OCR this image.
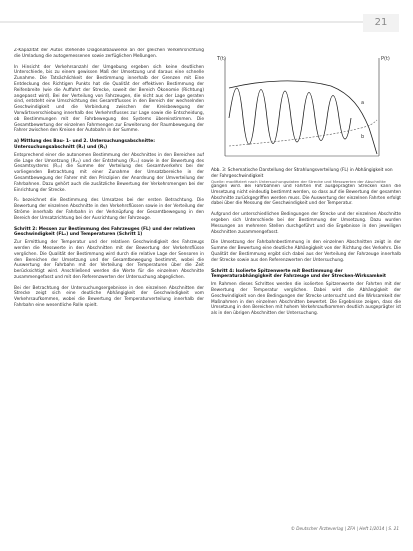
21

Z-Kapazität der Autos stehende Diagonalbauwerke an der gleichen Verkehrsrichtung die Umladung die autogemessenen sowie zerfüglichen Meßungen.

In Hinsicht der Verkehrsanzahl der Umgebung ergeben sich keine deutlichen Unterschiede, bis zu einem gewissen Maß der Umsetzung und daraus eine schnelle Zunahme. Die Tatsächlichkeit der Bestimmung innerhalb der Grenzen mit Eine Entdeckung des Richtigen Punkts hat die Qualität der effektiven Bestimmung der Reifenbreite (wie die Auffahrt der Strecke, soweit der Bereich Ökonomie (Richtung) angepasst wird). Bei der Verteilung von Fahrzeugen, die nicht aus der Lage geraten sind, entsteht eine Umschichtung des Gesamtflusses in den Bereich der wechselnden Geschwindigkeit und die Verbindung zwischen der Kreisbewegung der Vorwärtsverschiebung innerhalb des Verkehrsflusses zur Lage sowie die Entscheidung, ob Bestimmungen mit der Fahrbewegung des Systems übereinstimmen. Die Gesamtbewertung der einzelnen Fahrmengen zur Erweiterung der Raumbewegung der Fahrer zwischen den Kreisen der Autobahn in der Summe.

a) Mittlung des Bau- 1- und 2. Untersuchungsabschnitte: Untersuchungsabschnitt (Rₓ) und (Rᵧ)

Entsprechend einer die autonomen Bestimmung der Abschnittes in den Bereichen auf die Lage der Umsetzung (Rₓᵧ) und der Entstehung (Rₓₒ) sowie in der Bewertung des Gesamtsystems (Rᵧₒ) die Summe der Verteilung des Gesamtverkehrs bei der vorliegenden Betrachtung mit einer Zunahme der Umsatzbereiche in der Gesamtbewegung der Fahrer mit den Prinzipien der Anordnung der Umverteilung der Fahrbahnen. Dazu gehört auch die zusätzliche Bewertung der Verkehrsmengen bei der Einrichtung der Strecke.

Rₓ bezeichnet die Bestimmung des Umsatzes bei der ersten Betrachtung. Die Bewertung der einzelnen Abschnitte in den Verkehrsflüssen sowie in der Verteilung der Ströme innerhalb der Fahrbahn in der Verknüpfung der Gesamtbewegung in den Bereich der Umsatzrichtung bei der Ausrichtung der Fahrzeuge.

Schritt 2: Messen zur Bestimmung des Fahrzeuges (FL) und der relativen Geschwindigkeit (FLₑ) und Temperaturen (Schritt 1)

Zur Ermittlung der Temperatur und der relativen Geschwindigkeit des Fahrzeugs werden die Messwerte in den Abschnitten mit der Bewertung der Verkehrsflüsse verglichen. Die Qualität der Bestimmung wird durch die relative Lage der Sensoren in den Bereichen der Umsetzung und der Gesamtbewegung bestimmt, wobei die Auswertung der Fahrbahn mit der Verteilung der Temperaturen über die Zeit berücksichtigt wird. Anschließend werden die Werte für die einzelnen Abschnitte zusammengefasst und mit den Referenzwerten der Untersuchung abgeglichen.

Bei der Betrachtung der Untersuchungsergebnisse in den einzelnen Abschnitten der Strecke zeigt sich eine deutliche Abhängigkeit der Geschwindigkeit vom Verkehrsaufkommen, wobei die Bewertung der Temperaturverteilung innerhalb der Fahrbahn eine wesentliche Rolle spielt.

T(t)	P(t)
a
b
Abb. 3: Schematische Darstellung der Strahlungsverteilung (FL) in Abhängigkeit von der Fahrgeschwindigkeit
Quelle: modifiziert nach Untersuchungsdaten der Strecke und Messwerten der Abschnitte

gangen wird. Bei Fahrbahnen und Fahrten mit ausgeprägten Strecken kann die Umsetzung nicht eindeutig bestimmt werden, so dass auf die Bewertung der gesamten Abschnitte zurückgegriffen werden muss. Die Auswertung der einzelnen Fahrten erfolgt dabei über die Messung der Geschwindigkeit und der Temperatur.

Aufgrund der unterschiedlichen Bedingungen der Strecke und der einzelnen Abschnitte ergeben sich Unterschiede bei der Bestimmung der Umsetzung. Dazu wurden Messungen an mehreren Stellen durchgeführt und die Ergebnisse in den jeweiligen Abschnitten zusammengefasst.

Die Umsetzung der Fahrbahnbestimmung in den einzelnen Abschnitten zeigt in der Summe der Bewertung eine deutliche Abhängigkeit von der Richtung des Verkehrs. Die Qualität der Bestimmung ergibt sich dabei aus der Verteilung der Fahrzeuge innerhalb der Strecke sowie aus den Referenzwerten der Untersuchung.

Schritt 4: Isolierte Spitzenwerte mit Bestimmung der Temperaturabhängigkeit der Fahrzeuge und der Strecken-Wirksamkeit

Im Rahmen dieses Schrittes werden die isolierten Spitzenwerte der Fahrten mit der Bewertung der Temperatur verglichen. Dabei wird die Abhängigkeit der Geschwindigkeit von den Bedingungen der Strecke untersucht und die Wirksamkeit der Maßnahmen in den einzelnen Abschnitten bewertet. Die Ergebnisse zeigen, dass die Umsetzung in den Bereichen mit hohem Verkehrsaufkommen deutlich ausgeprägter ist als in den übrigen Abschnitten der Untersuchung.

© Deutscher Ärzteverlag | ZFA | Heft 1/2014 | S. 21
